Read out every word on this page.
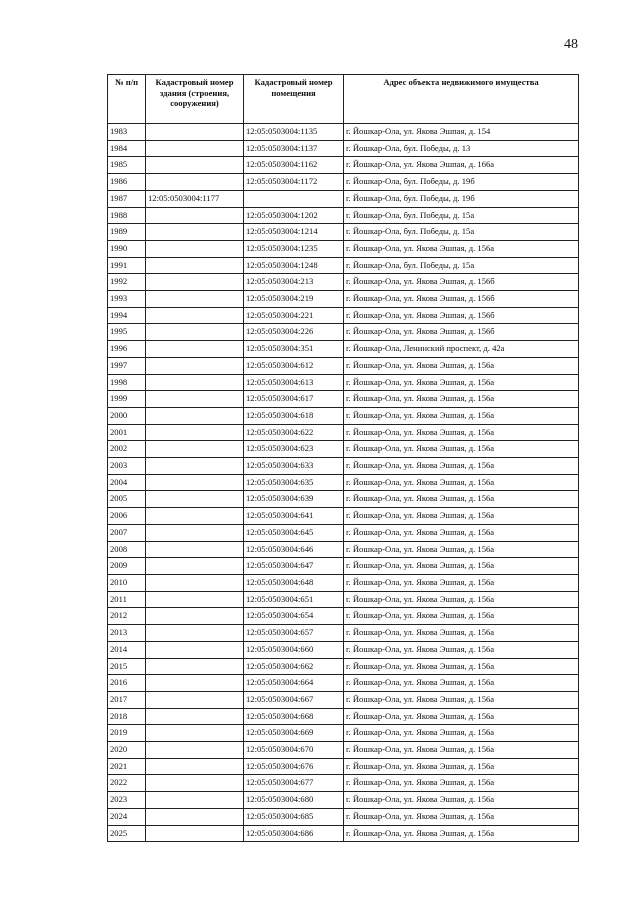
48
№ п/п	Кадастровый номер здания (строения, сооружения)	Кадастровый номер помещения	Адрес объекта недвижимого имущества
1983		12:05:0503004:1135	г. Йошкар-Ола, ул. Якова Эшпая, д. 154
1984		12:05:0503004:1137	г. Йошкар-Ола, бул. Победы, д. 13
1985		12:05:0503004:1162	г. Йошкар-Ола, ул. Якова Эшпая, д. 166а
1986		12:05:0503004:1172	г. Йошкар-Ола, бул. Победы, д. 19б
1987	12:05:0503004:1177		г. Йошкар-Ола, бул. Победы, д. 19б
1988		12:05:0503004:1202	г. Йошкар-Ола, бул. Победы, д. 15а
1989		12:05:0503004:1214	г. Йошкар-Ола, бул. Победы, д. 15а
1990		12:05:0503004:1235	г. Йошкар-Ола, ул. Якова Эшпая, д. 156а
1991		12:05:0503004:1248	г. Йошкар-Ола, бул. Победы, д. 15а
1992		12:05:0503004:213	г. Йошкар-Ола, ул. Якова Эшпая, д. 156б
1993		12:05:0503004:219	г. Йошкар-Ола, ул. Якова Эшпая, д. 156б
1994		12:05:0503004:221	г. Йошкар-Ола, ул. Якова Эшпая, д. 156б
1995		12:05:0503004:226	г. Йошкар-Ола, ул. Якова Эшпая, д. 156б
1996		12:05:0503004:351	г. Йошкар-Ола, Ленинский проспект, д. 42а
1997		12:05:0503004:612	г. Йошкар-Ола, ул. Якова Эшпая, д. 156а
1998		12:05:0503004:613	г. Йошкар-Ола, ул. Якова Эшпая, д. 156а
1999		12:05:0503004:617	г. Йошкар-Ола, ул. Якова Эшпая, д. 156а
2000		12:05:0503004:618	г. Йошкар-Ола, ул. Якова Эшпая, д. 156а
2001		12:05:0503004:622	г. Йошкар-Ола, ул. Якова Эшпая, д. 156а
2002		12:05:0503004:623	г. Йошкар-Ола, ул. Якова Эшпая, д. 156а
2003		12:05:0503004:633	г. Йошкар-Ола, ул. Якова Эшпая, д. 156а
2004		12:05:0503004:635	г. Йошкар-Ола, ул. Якова Эшпая, д. 156а
2005		12:05:0503004:639	г. Йошкар-Ола, ул. Якова Эшпая, д. 156а
2006		12:05:0503004:641	г. Йошкар-Ола, ул. Якова Эшпая, д. 156а
2007		12:05:0503004:645	г. Йошкар-Ола, ул. Якова Эшпая, д. 156а
2008		12:05:0503004:646	г. Йошкар-Ола, ул. Якова Эшпая, д. 156а
2009		12:05:0503004:647	г. Йошкар-Ола, ул. Якова Эшпая, д. 156а
2010		12:05:0503004:648	г. Йошкар-Ола, ул. Якова Эшпая, д. 156а
2011		12:05:0503004:651	г. Йошкар-Ола, ул. Якова Эшпая, д. 156а
2012		12:05:0503004:654	г. Йошкар-Ола, ул. Якова Эшпая, д. 156а
2013		12:05:0503004:657	г. Йошкар-Ола, ул. Якова Эшпая, д. 156а
2014		12:05:0503004:660	г. Йошкар-Ола, ул. Якова Эшпая, д. 156а
2015		12:05:0503004:662	г. Йошкар-Ола, ул. Якова Эшпая, д. 156а
2016		12:05:0503004:664	г. Йошкар-Ола, ул. Якова Эшпая, д. 156а
2017		12:05:0503004:667	г. Йошкар-Ола, ул. Якова Эшпая, д. 156а
2018		12:05:0503004:668	г. Йошкар-Ола, ул. Якова Эшпая, д. 156а
2019		12:05:0503004:669	г. Йошкар-Ола, ул. Якова Эшпая, д. 156а
2020		12:05:0503004:670	г. Йошкар-Ола, ул. Якова Эшпая, д. 156а
2021		12:05:0503004:676	г. Йошкар-Ола, ул. Якова Эшпая, д. 156а
2022		12:05:0503004:677	г. Йошкар-Ола, ул. Якова Эшпая, д. 156а
2023		12:05:0503004:680	г. Йошкар-Ола, ул. Якова Эшпая, д. 156а
2024		12:05:0503004:685	г. Йошкар-Ола, ул. Якова Эшпая, д. 156а
2025		12:05:0503004:686	г. Йошкар-Ола, ул. Якова Эшпая, д. 156а
